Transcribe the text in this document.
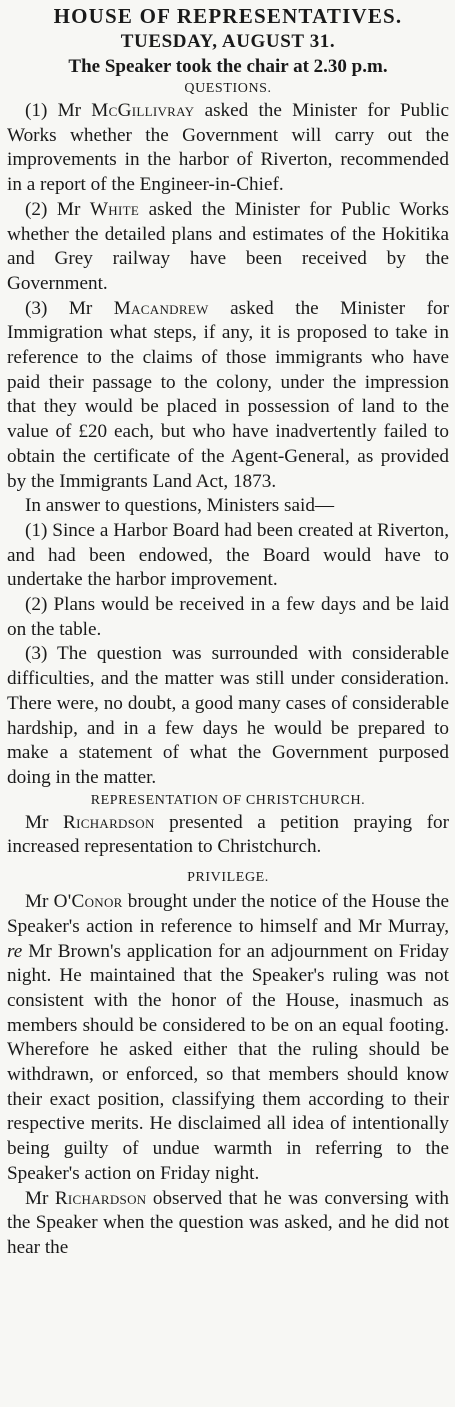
HOUSE OF REPRESENTATIVES.

TUESDAY, AUGUST 31.

The Speaker took the chair at 2.30 p.m.

QUESTIONS.

(1) Mr McGillivray asked the Minister for Public Works whether the Government will carry out the improvements in the harbor of Riverton, recommended in a report of the Engineer-in-Chief.

(2) Mr White asked the Minister for Public Works whether the detailed plans and estimates of the Hokitika and Grey railway have been received by the Government.

(3) Mr Macandrew asked the Minister for Immigration what steps, if any, it is proposed to take in reference to the claims of those immigrants who have paid their passage to the colony, under the impression that they would be placed in possession of land to the value of £20 each, but who have inadvertently failed to obtain the certificate of the Agent-General, as provided by the Immigrants Land Act, 1873.

In answer to questions, Ministers said—

(1) Since a Harbor Board had been created at Riverton, and had been endowed, the Board would have to undertake the harbor improvement.

(2) Plans would be received in a few days and be laid on the table.

(3) The question was surrounded with considerable difficulties, and the matter was still under consideration. There were, no doubt, a good many cases of considerable hardship, and in a few days he would be prepared to make a statement of what the Government purposed doing in the matter.

REPRESENTATION OF CHRISTCHURCH.

Mr Richardson presented a petition praying for increased representation to Christchurch.

PRIVILEGE.

Mr O'Conor brought under the notice of the House the Speaker's action in reference to himself and Mr Murray, re Mr Brown's application for an adjournment on Friday night. He maintained that the Speaker's ruling was not consistent with the honor of the House, inasmuch as members should be considered to be on an equal footing. Wherefore he asked either that the ruling should be withdrawn, or enforced, so that members should know their exact position, classifying them according to their respective merits. He disclaimed all idea of intentionally being guilty of undue warmth in referring to the Speaker's action on Friday night.

Mr Richardson observed that he was conversing with the Speaker when the question was asked, and he did not hear the
